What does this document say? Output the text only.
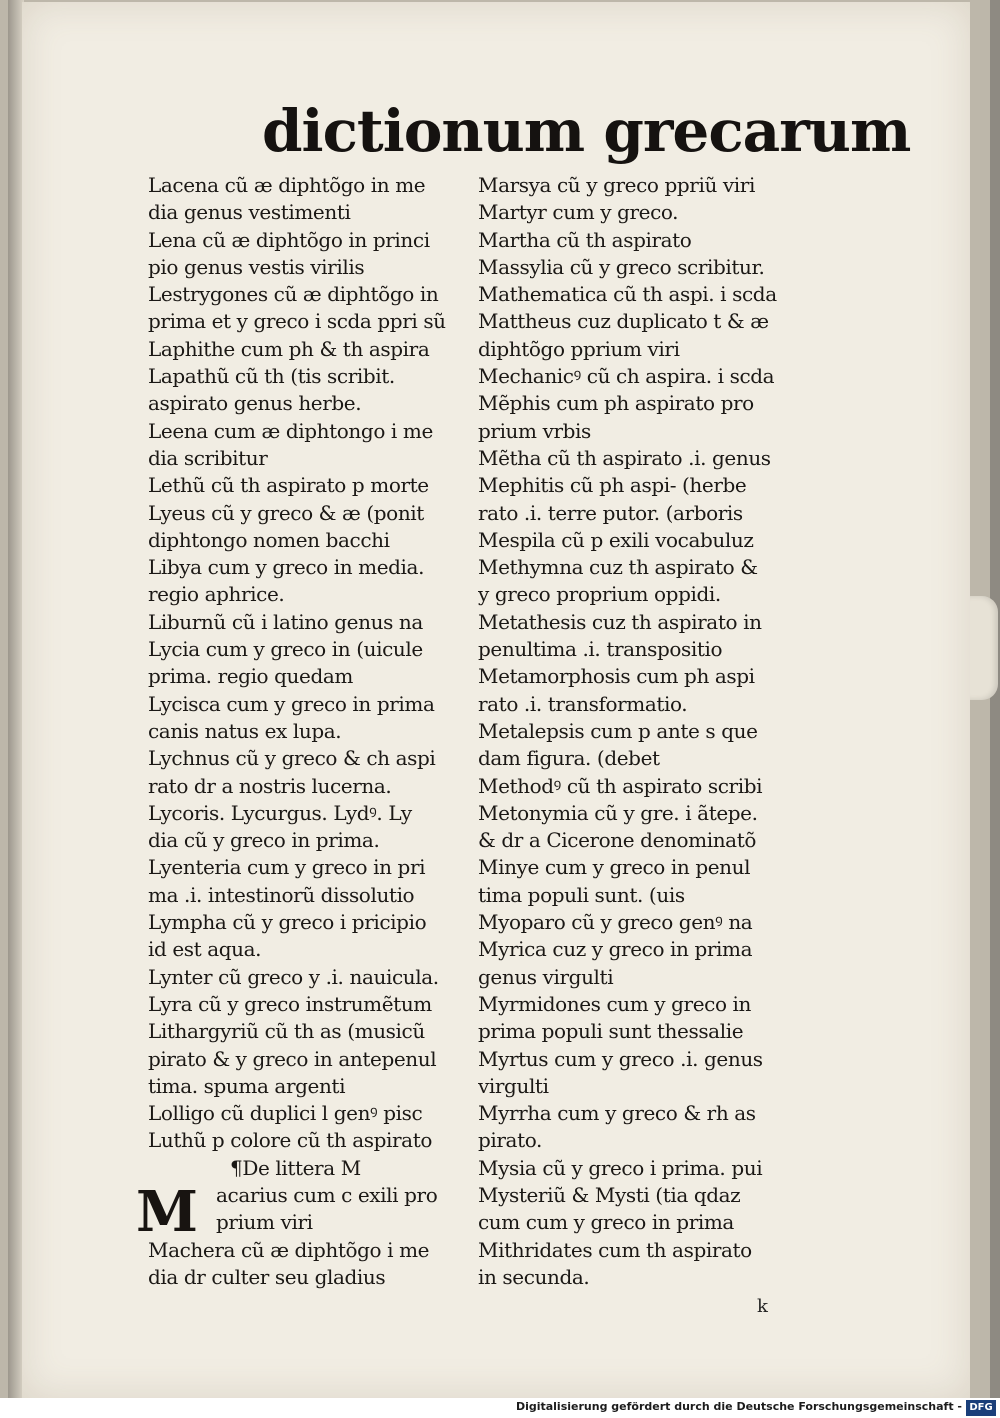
dictionum grecarum
Lacena cũ æ diphtõgo in me
dia genus vestimenti
Lena cũ æ diphtõgo in princi
pio genus vestis virilis
Lestrygones cũ æ diphtõgo in
prima et y greco i scda ppri sũ
Laphithe cum ph & th aspira
Lapathũ cũ th (tis scribit.
aspirato genus herbe.
Leena cum æ diphtongo i me
dia scribitur
Lethũ cũ th aspirato p morte
Lyeus cũ y greco & æ (ponit
diphtongo nomen bacchi
Libya cum y greco in media.
regio aphrice.
Liburnũ cũ i latino genus na
Lycia cum y greco in (uicule
prima. regio quedam
Lycisca cum y greco in prima
canis natus ex lupa.
Lychnus cũ y greco & ch aspi
rato dr a nostris lucerna.
Lycoris. Lycurgus. Lydꝰ. Ly
dia cũ y greco in prima.
Lyenteria cum y greco in pri
ma .i. intestinorũ dissolutio
Lympha cũ y greco i pricipio
id est aqua.
Lynter cũ greco y .i. nauicula.
Lyra cũ y greco instrumẽtum
Lithargyriũ cũ th as (musicũ
pirato & y greco in antepenul
tima. spuma argenti
Lolligo cũ duplici l genꝰ pisc
Luthũ p colore cũ th aspirato
¶De littera M
M acarius cum c exili pro
prium viri
Machera cũ æ diphtõgo i me
dia dr culter seu gladius
Marsya cũ y greco ppriũ viri
Martyr cum y greco.
Martha cũ th aspirato
Massylia cũ y greco scribitur.
Mathematica cũ th aspi. i scda
Mattheus cuz duplicato t & æ
diphtõgo pprium viri
Mechanicꝰ cũ ch aspira. i scda
Mẽphis cum ph aspirato pro
prium vrbis
Mẽtha cũ th aspirato .i. genus
Mephitis cũ ph aspi- (herbe
rato .i. terre putor. (arboris
Mespila cũ p exili vocabuluz
Methymna cuz th aspirato &
y greco proprium oppidi.
Metathesis cuz th aspirato in
penultima .i. transpositio
Metamorphosis cum ph aspi
rato .i. transformatio.
Metalepsis cum p ante s que
dam figura. (debet
Methodꝰ cũ th aspirato scribi
Metonymia cũ y gre. i ãtepe.
& dr a Cicerone denominatõ
Minye cum y greco in penul
tima populi sunt. (uis
Myoparo cũ y greco genꝰ na
Myrica cuz y greco in prima
genus virgulti
Myrmidones cum y greco in
prima populi sunt thessalie
Myrtus cum y greco .i. genus
virgulti
Myrrha cum y greco & rh as
pirato.
Mysia cũ y greco i prima. pui
Mysteriũ & Mysti (tia qdaz
cum cum y greco in prima
Mithridates cum th aspirato
in secunda.
k
Digitalisierung gefördert durch die Deutsche Forschungsgemeinschaft - DFG
